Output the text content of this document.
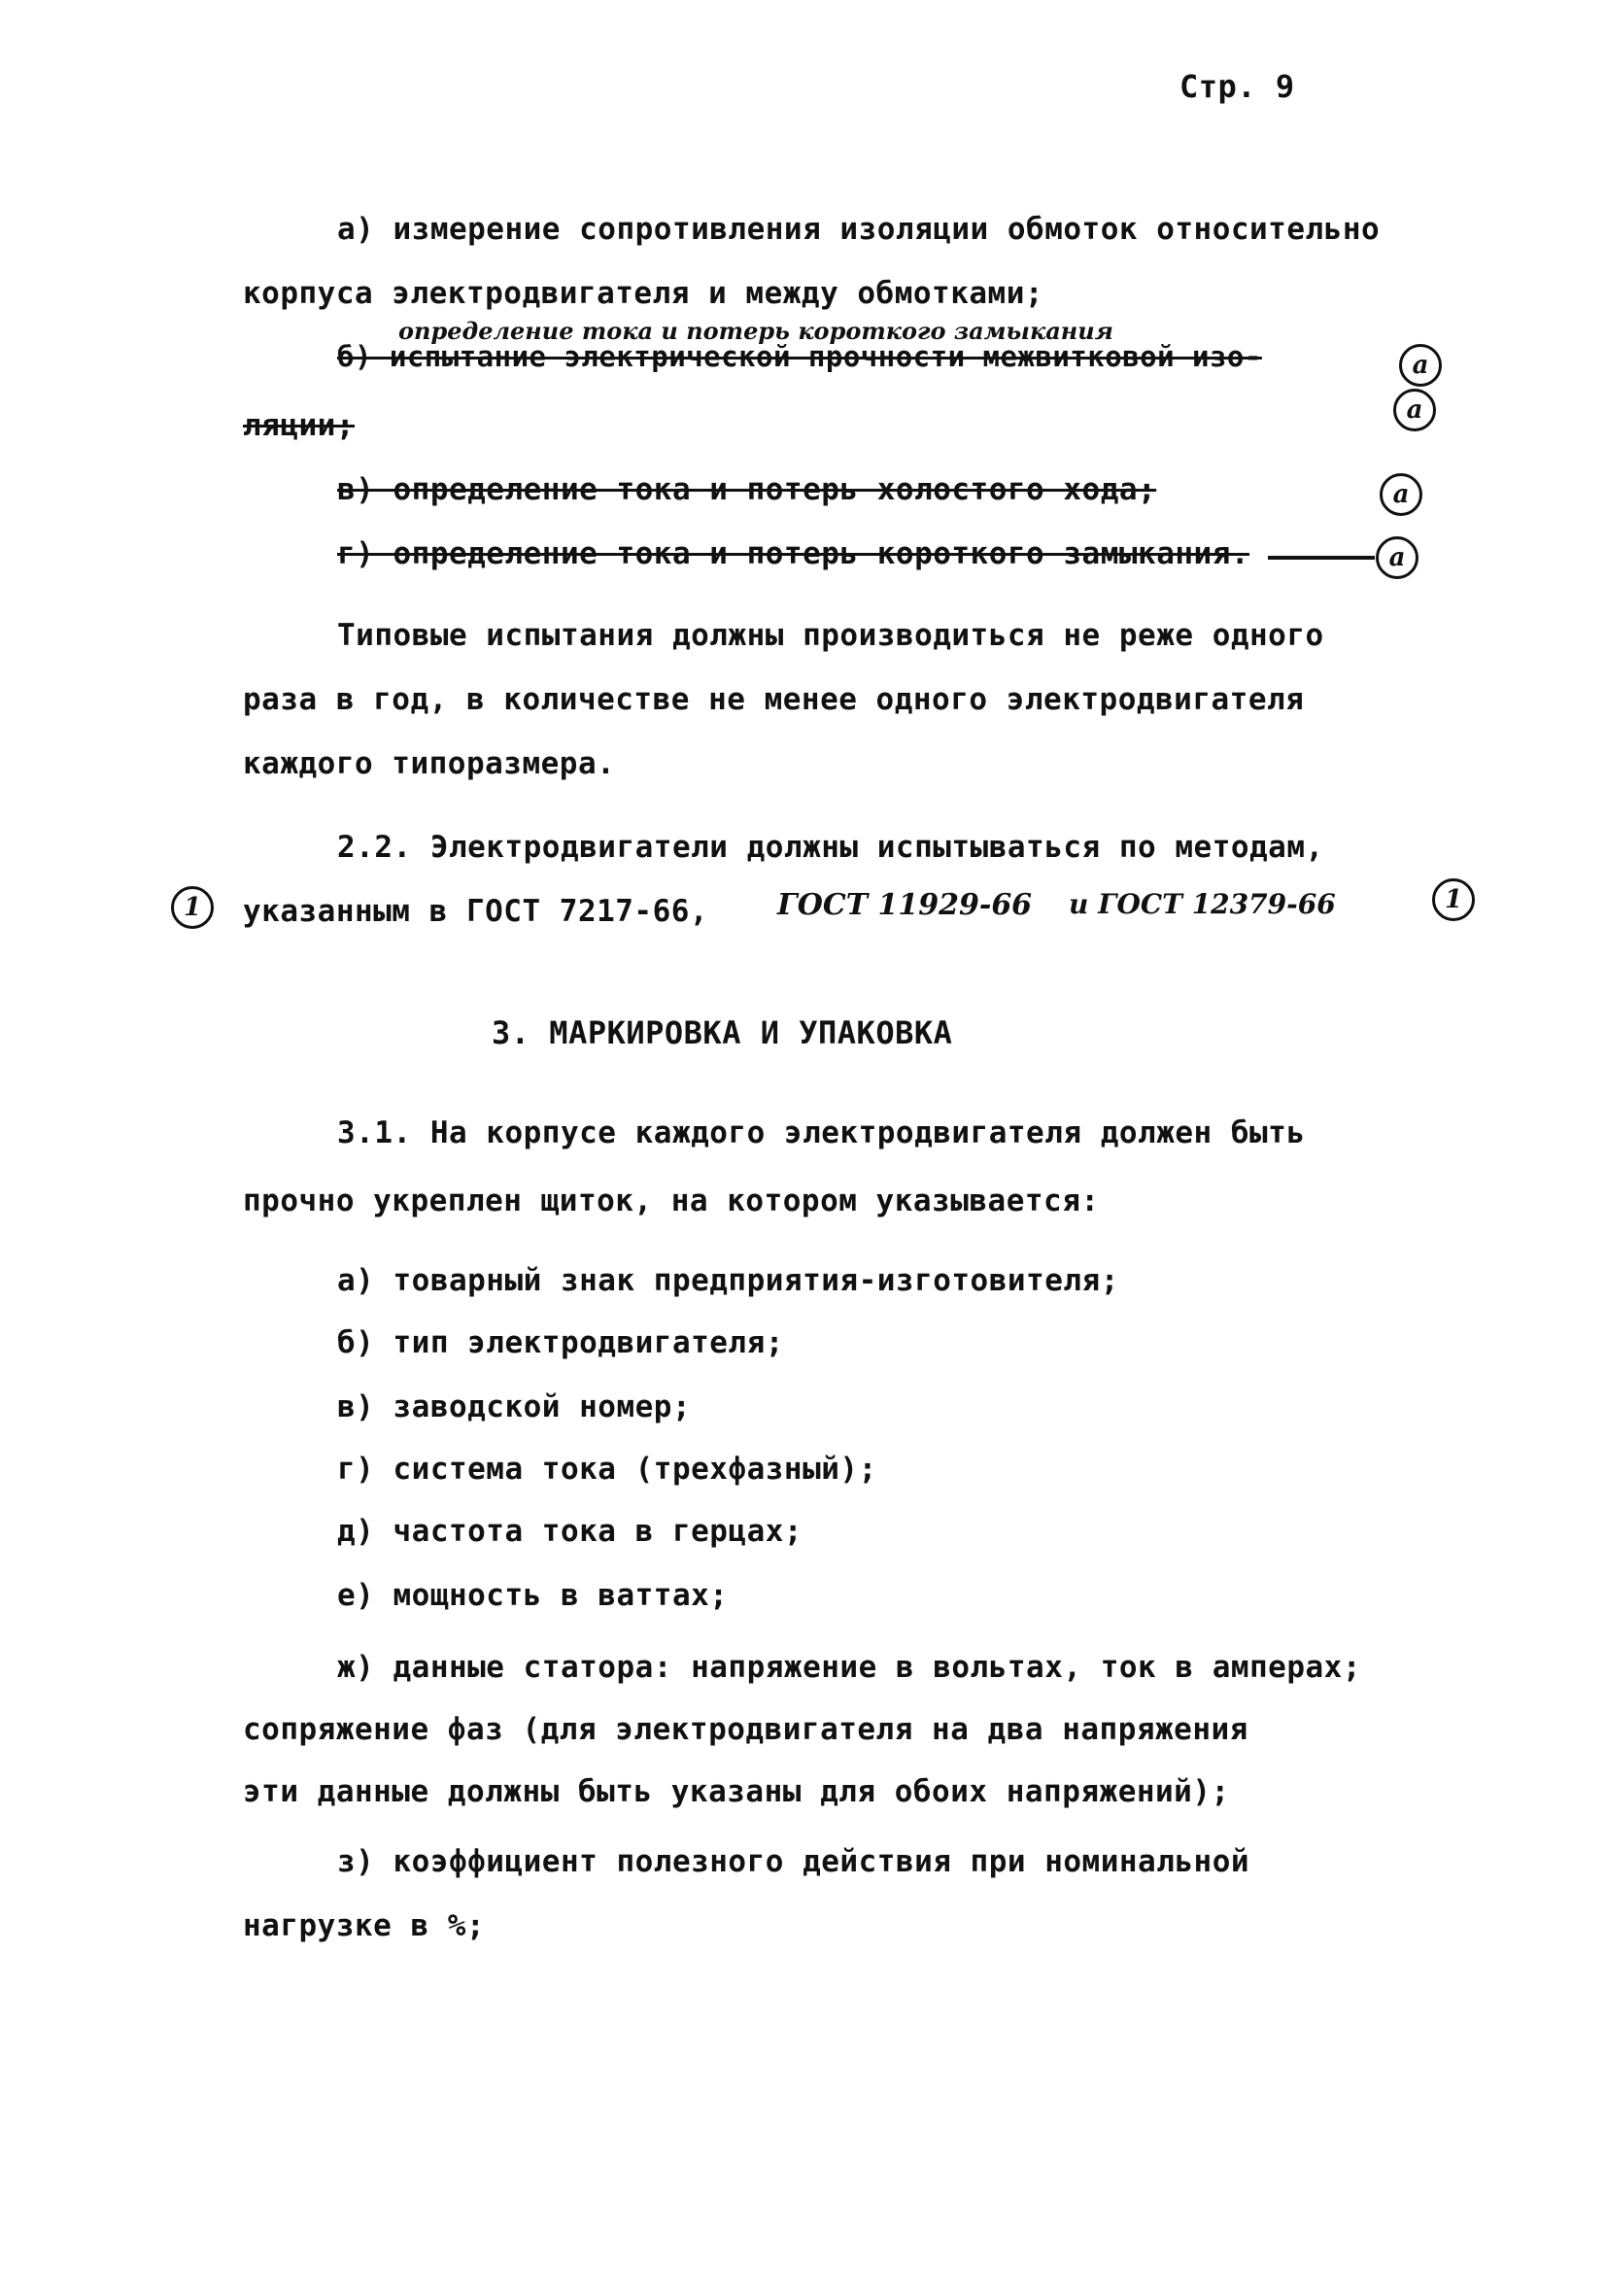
Стр. 9
а) измерение сопротивления изоляции обмоток относительно
корпуса электродвигателя и между обмотками;
определение тока и потерь короткого замыкания
б) испытание электрической прочности межвитковой изо-	a
ляции;	a
в) определение тока и потерь холостого хода;	a
г) определение тока и потерь короткого замыкания.	a
Типовые испытания должны производиться не реже одного
раза в год, в количестве не менее одного электродвигателя
каждого типоразмера.
2.2. Электродвигатели должны испытываться по методам,
1	указанным в ГОСТ 7217-66, ГОСТ 11929-66 и ГОСТ 12379-66	1
3. МАРКИРОВКА И УПАКОВКА
3.1. На корпусе каждого электродвигателя должен быть
прочно укреплен щиток, на котором указывается:
а) товарный знак предприятия-изготовителя;
б) тип электродвигателя;
в) заводской номер;
г) система тока (трехфазный);
д) частота тока в герцах;
е) мощность в ваттах;
ж) данные статора: напряжение в вольтах, ток в амперах;
сопряжение фаз (для электродвигателя на два напряжения
эти данные должны быть указаны для обоих напряжений);
з) коэффициент полезного действия при номинальной
нагрузке в %;
